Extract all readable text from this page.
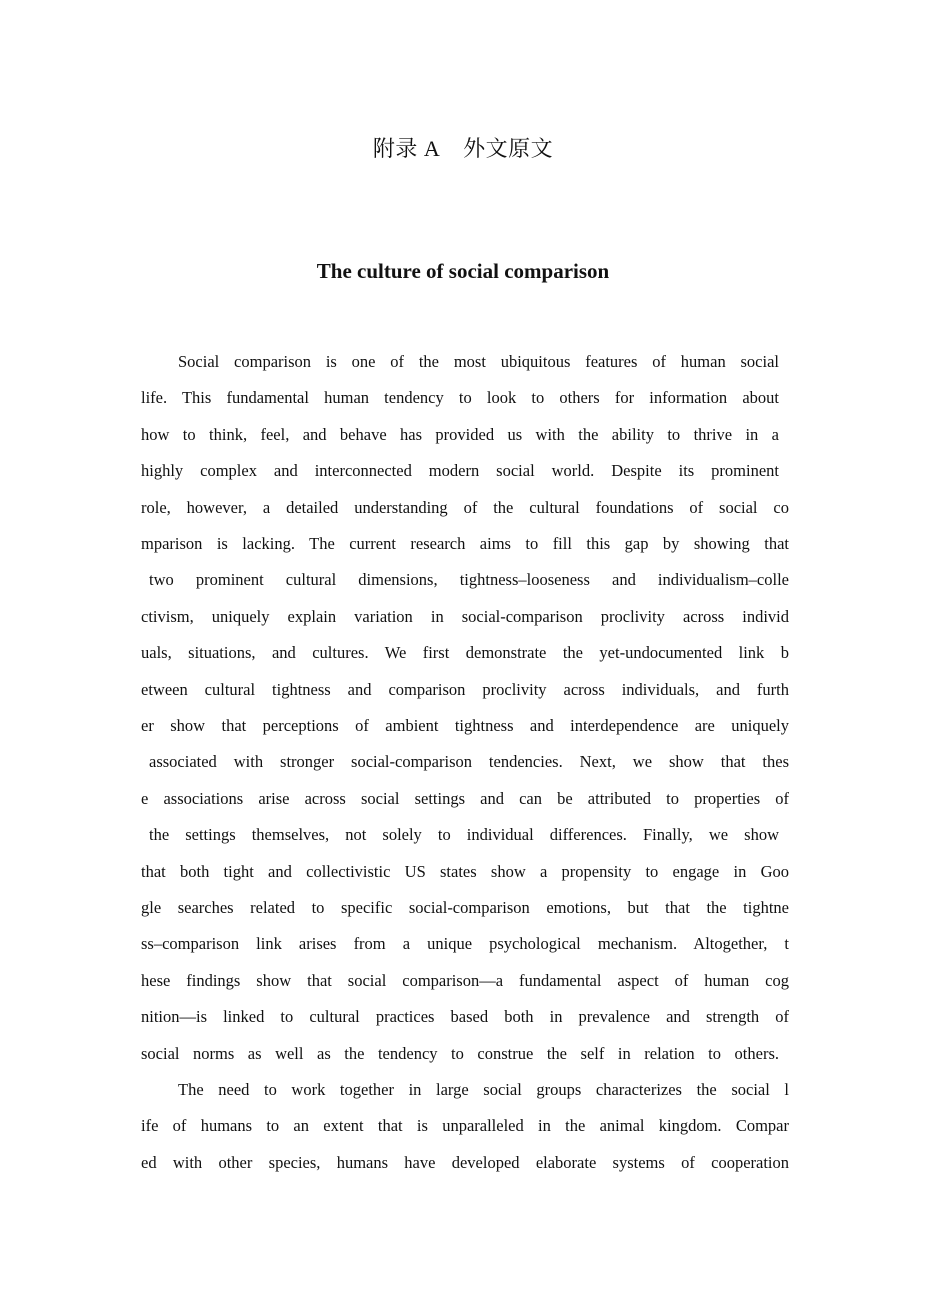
附录 A    外文原文
The culture of social comparison
Social comparison is one of the most ubiquitous features of human social
life. This fundamental human tendency to look to others for information about
how to think, feel, and behave has provided us with the ability to thrive in a
highly complex and interconnected modern social world. Despite its prominent
role, however, a detailed understanding of the cultural foundations of social co
mparison is lacking. The current research aims to fill this gap by showing that
two prominent cultural dimensions, tightness–looseness and individualism–colle
ctivism, uniquely explain variation in social-comparison proclivity across individ
uals, situations, and cultures. We first demonstrate the yet-undocumented link b
etween cultural tightness and comparison proclivity across individuals, and furth
er show that perceptions of ambient tightness and interdependence are uniquely
associated with stronger social-comparison tendencies. Next, we show that thes
e associations arise across social settings and can be attributed to properties of
the settings themselves, not solely to individual differences. Finally, we show
that both tight and collectivistic US states show a propensity to engage in Goo
gle searches related to specific social-comparison emotions, but that the tightne
ss–comparison link arises from a unique psychological mechanism. Altogether, t
hese findings show that social comparison—a fundamental aspect of human cog
nition—is linked to cultural practices based both in prevalence and strength of
social norms as well as the tendency to construe the self in relation to others.
The need to work together in large social groups characterizes the social l
ife of humans to an extent that is unparalleled in the animal kingdom. Compar
ed with other species, humans have developed elaborate systems of cooperation
